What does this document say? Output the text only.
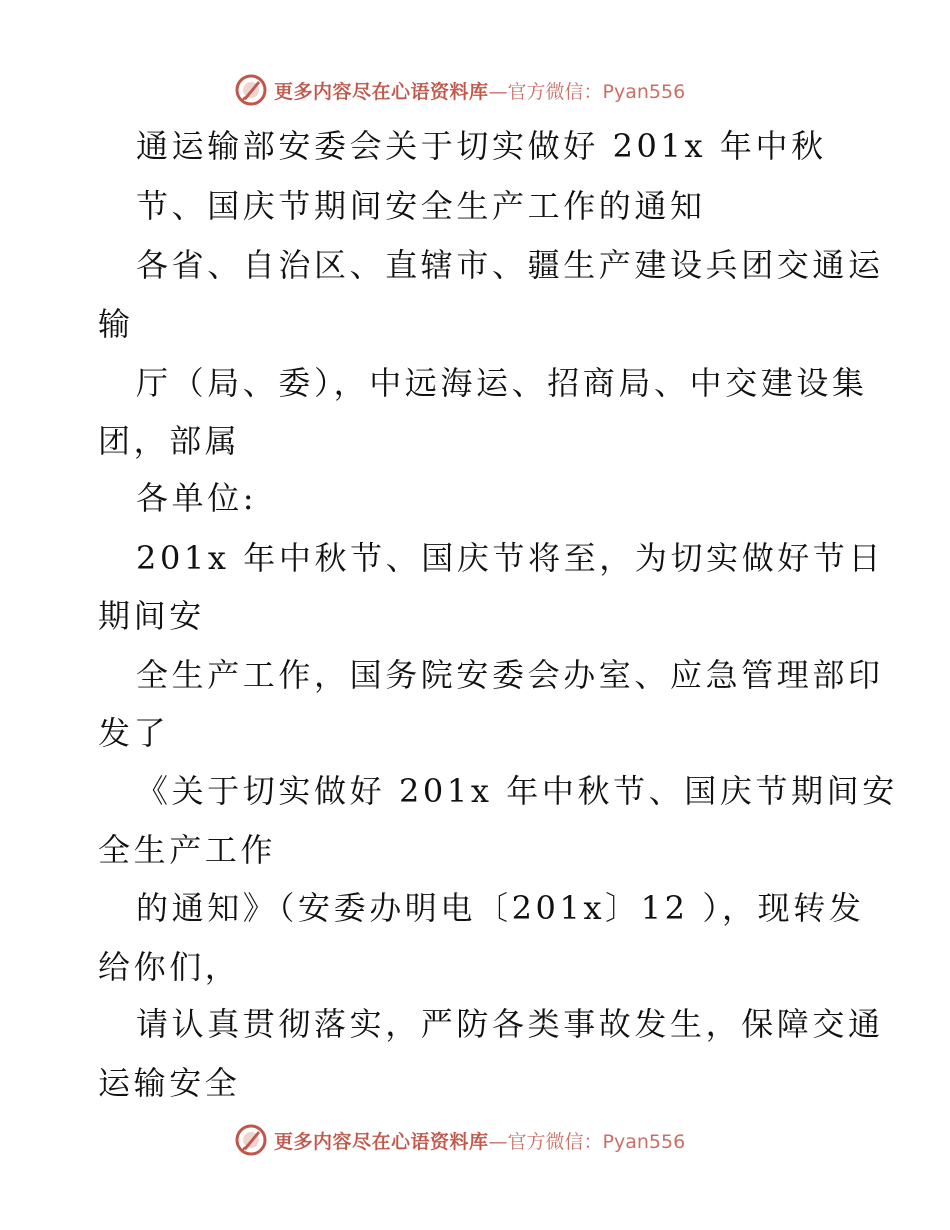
更多内容尽在心语资料库 —官方微信：Pyan556
通运输部安委会关于切实做好 201x 年中秋
节、国庆节期间安全生产工作的通知
各省、自治区、直辖市、疆生产建设兵团交通运
输
厅（局、委），中远海运、招商局、中交建设集
团，部属
各单位:
201x 年中秋节、国庆节将至，为切实做好节日
期间安
全生产工作，国务院安委会办室、应急管理部印
发了
《关于切实做好 201x 年中秋节、国庆节期间安
全生产工作
的通知》（安委办明电〔201x〕12 ），现转发
给你们，
请认真贯彻落实，严防各类事故发生，保障交通
运输安全
更多内容尽在心语资料库 —官方微信：Pyan556
